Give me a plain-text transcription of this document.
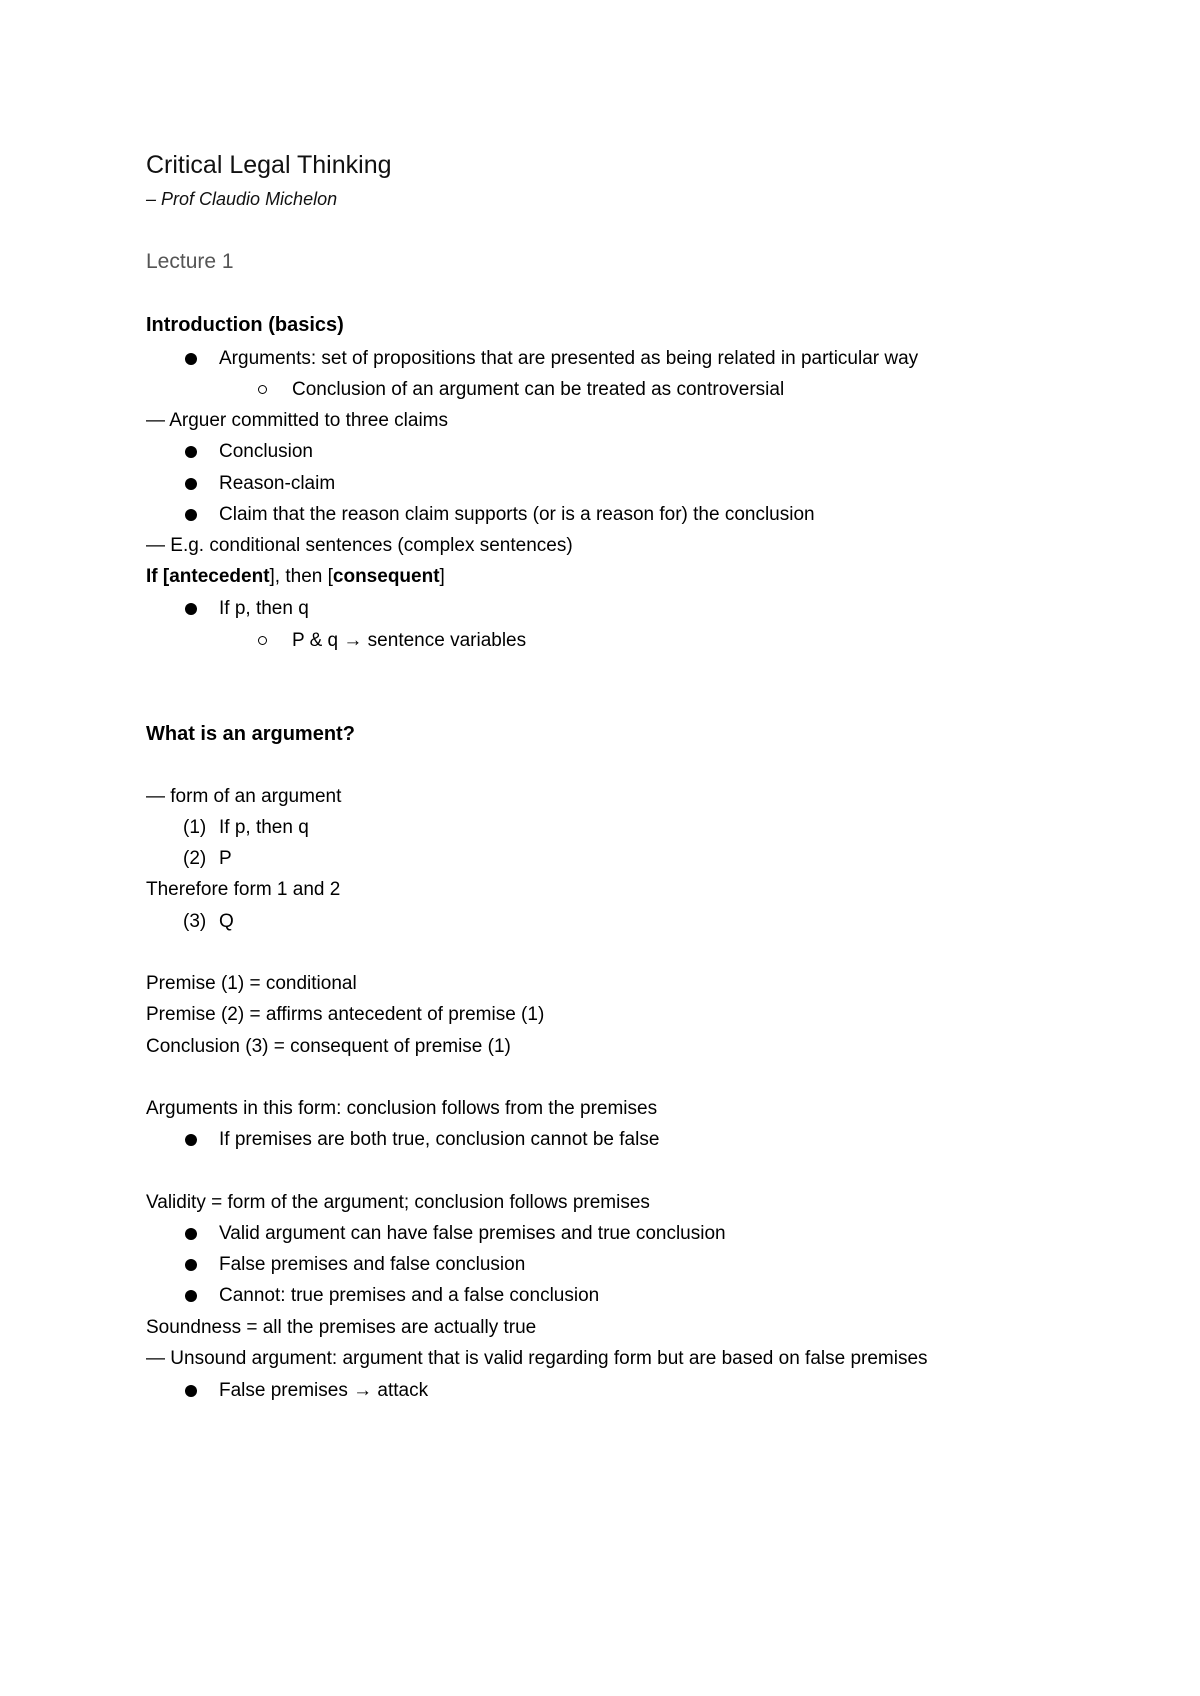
Critical Legal Thinking
– Prof Claudio Michelon
Lecture 1
Introduction (basics)
Arguments: set of propositions that are presented as being related in particular way
Conclusion of an argument can be treated as controversial
— Arguer committed to three claims
Conclusion
Reason-claim
Claim that the reason claim supports (or is a reason for) the conclusion
— E.g. conditional sentences (complex sentences)
If [antecedent], then [consequent]
If p, then q
P & q → sentence variables
What is an argument?
— form of an argument
(1) If p, then q
(2) P
Therefore form 1 and 2
(3) Q
Premise (1) = conditional
Premise (2) = affirms antecedent of premise (1)
Conclusion (3) = consequent of premise (1)
Arguments in this form: conclusion follows from the premises
If premises are both true, conclusion cannot be false
Validity = form of the argument; conclusion follows premises
Valid argument can have false premises and true conclusion
False premises and false conclusion
Cannot: true premises and a false conclusion
Soundness = all the premises are actually true
— Unsound argument: argument that is valid regarding form but are based on false premises
False premises → attack
